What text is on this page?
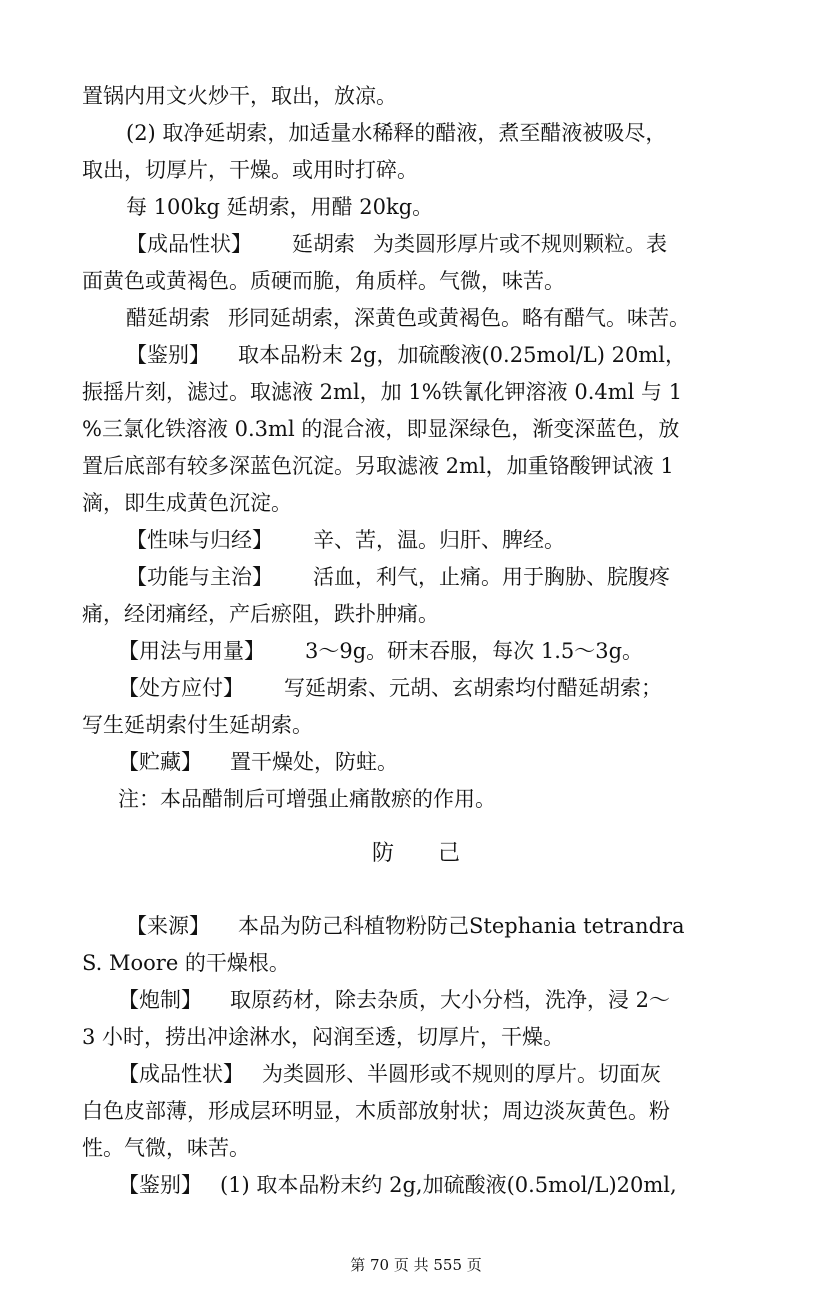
置锅内用文火炒干，取出，放凉。
(2) 取净延胡索，加适量水稀释的醋液，煮至醋液被吸尽，
取出，切厚片，干燥。或用时打碎。
每 100kg 延胡索，用醋 20kg。
【成品性状】 延胡索 为类圆形厚片或不规则颗粒。表
面黄色或黄褐色。质硬而脆，角质样。气微，味苦。
醋延胡索 形同延胡索，深黄色或黄褐色。略有醋气。味苦。
【鉴别】 取本品粉末 2g，加硫酸液(0.25mol/L) 20ml，
振摇片刻，滤过。取滤液 2ml，加 1%铁氰化钾溶液 0.4ml 与 1
%三氯化铁溶液 0.3ml 的混合液，即显深绿色，渐变深蓝色，放
置后底部有较多深蓝色沉淀。另取滤液 2ml，加重铬酸钾试液 1
滴，即生成黄色沉淀。
【性味与归经】 辛、苦，温。归肝、脾经。
【功能与主治】 活血，利气，止痛。用于胸胁、脘腹疼
痛，经闭痛经，产后瘀阻，跌扑肿痛。
【用法与用量】 3～9g。研末吞服，每次 1.5～3g。
【处方应付】 写延胡索、元胡、玄胡索均付醋延胡索；
写生延胡索付生延胡索。
【贮藏】 置干燥处，防蛀。
注：本品醋制后可增强止痛散瘀的作用。
防 己
【来源】 本品为防己科植物粉防己Stephania tetrandra
S. Moore 的干燥根。
【炮制】 取原药材，除去杂质，大小分档，洗净，浸 2～
3 小时，捞出冲途淋水，闷润至透，切厚片，干燥。
【成品性状】 为类圆形、半圆形或不规则的厚片。切面灰
白色皮部薄，形成层环明显，木质部放射状；周边淡灰黄色。粉
性。气微，味苦。
【鉴别】 (1) 取本品粉末约 2g,加硫酸液(0.5mol/L)20ml,
第 70 页 共 555 页
